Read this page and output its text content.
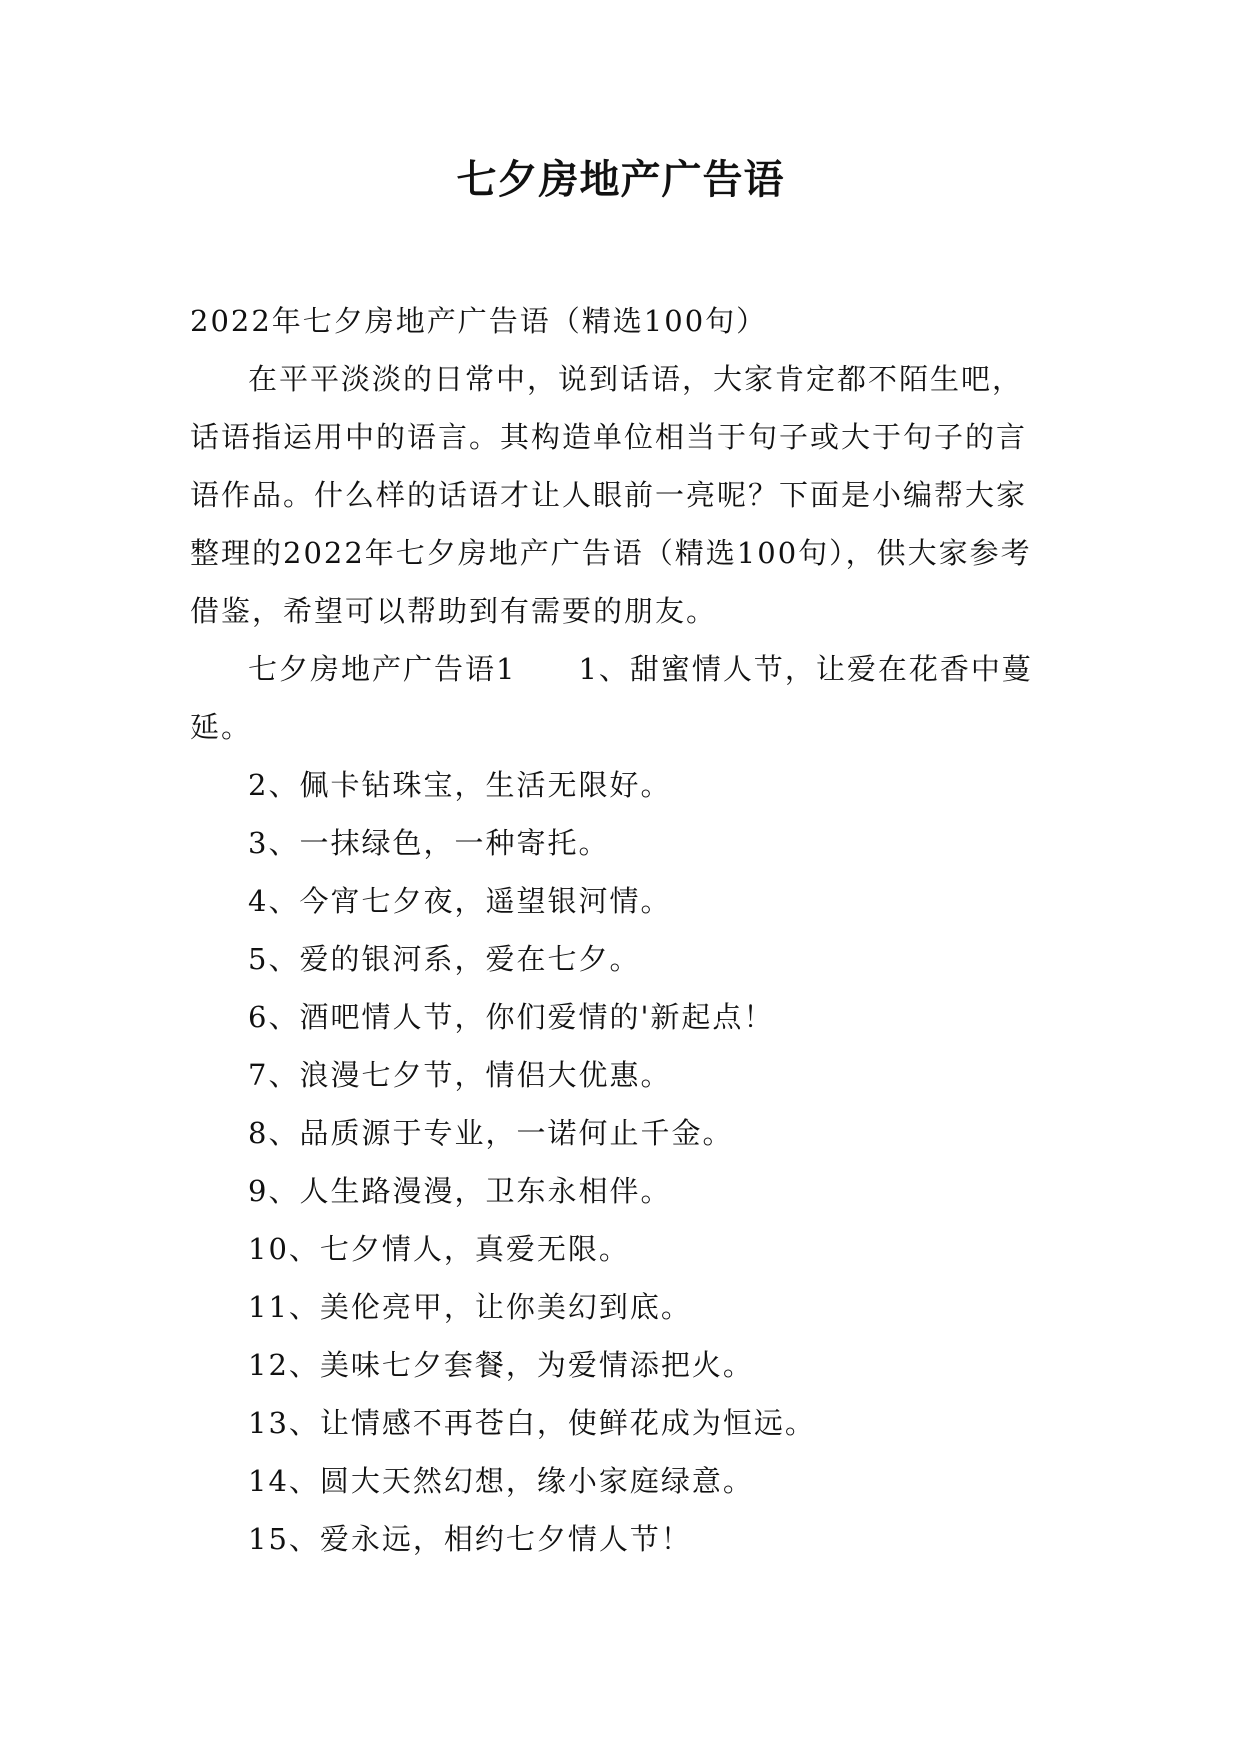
七夕房地产广告语

2022年七夕房地产广告语（精选100句）

在平平淡淡的日常中，说到话语，大家肯定都不陌生吧，话语指运用中的语言。其构造单位相当于句子或大于句子的言语作品。什么样的话语才让人眼前一亮呢？下面是小编帮大家整理的2022年七夕房地产广告语（精选100句），供大家参考借鉴，希望可以帮助到有需要的朋友。

七夕房地产广告语1 1、甜蜜情人节，让爱在花香中蔓延。

2、佩卡钻珠宝，生活无限好。

3、一抹绿色，一种寄托。

4、今宵七夕夜，遥望银河情。

5、爱的银河系，爱在七夕。

6、酒吧情人节，你们爱情的'新起点！

7、浪漫七夕节，情侣大优惠。

8、品质源于专业，一诺何止千金。

9、人生路漫漫，卫东永相伴。

10、七夕情人，真爱无限。

11、美伦亮甲，让你美幻到底。

12、美味七夕套餐，为爱情添把火。

13、让情感不再苍白，使鲜花成为恒远。

14、圆大天然幻想，缘小家庭绿意。

15、爱永远，相约七夕情人节！
